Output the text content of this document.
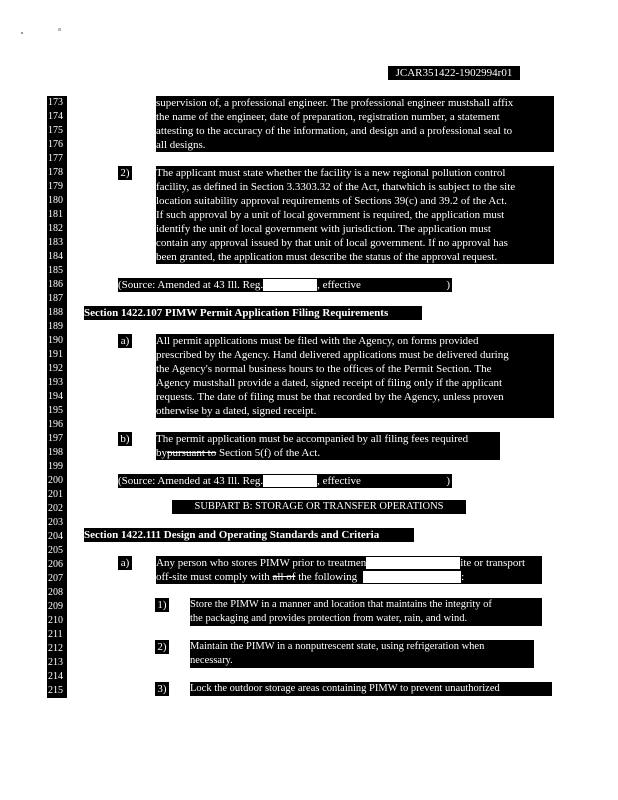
JCAR351422-1902994r01
173
174
175
176
177
178
179
180
181
182
183
184
185
186
187
188
189
190
191
192
193
194
195
196
197
198
199
200
201
202
203
204
205
206
207
208
209
210
211
212
213
214
215
supervision of, a professional engineer. The professional engineer mustshall affix
the name of the engineer, date of preparation, registration number, a statement
attesting to the accuracy of the information, and design and a professional seal to
all designs.
2) The applicant must state whether the facility is a new regional pollution control
facility, as defined in Section 3.3303.32 of the Act, thatwhich is subject to the site
location suitability approval requirements of Sections 39(c) and 39.2 of the Act.
If such approval by a unit of local government is required, the application must
identify the unit of local government with jurisdiction. The application must
contain any approval issued by that unit of local government. If no approval has
been granted, the application must describe the status of the approval request.
(Source: Amended at 43 Ill. Reg.	, effective	)
Section 1422.107 PIMW Permit Application Filing Requirements
a) All permit applications must be filed with the Agency, on forms provided
prescribed by the Agency. Hand delivered applications must be delivered during
the Agency's normal business hours to the offices of the Permit Section. The
Agency mustshall provide a dated, signed receipt of filing only if the applicant
requests. The date of filing must be that recorded by the Agency, unless proven
otherwise by a dated, signed receipt.
b) The permit application must be accompanied by all filing fees required
bypursuant to Section 5(f) of the Act.
(Source: Amended at 43 Ill. Reg.	, effective	)
SUBPART B: STORAGE OR TRANSFER OPERATIONS
Section 1422.111 Design and Operating Standards and Criteria
a) Any person who stores PIMW prior to treatmen	ite or transport
off-site must comply with all of the following	:
1) Store the PIMW in a manner and location that maintains the integrity of
the packaging and provides protection from water, rain, and wind.
2) Maintain the PIMW in a nonputrescent state, using refrigeration when
necessary.
3) Lock the outdoor storage areas containing PIMW to prevent unauthorized
